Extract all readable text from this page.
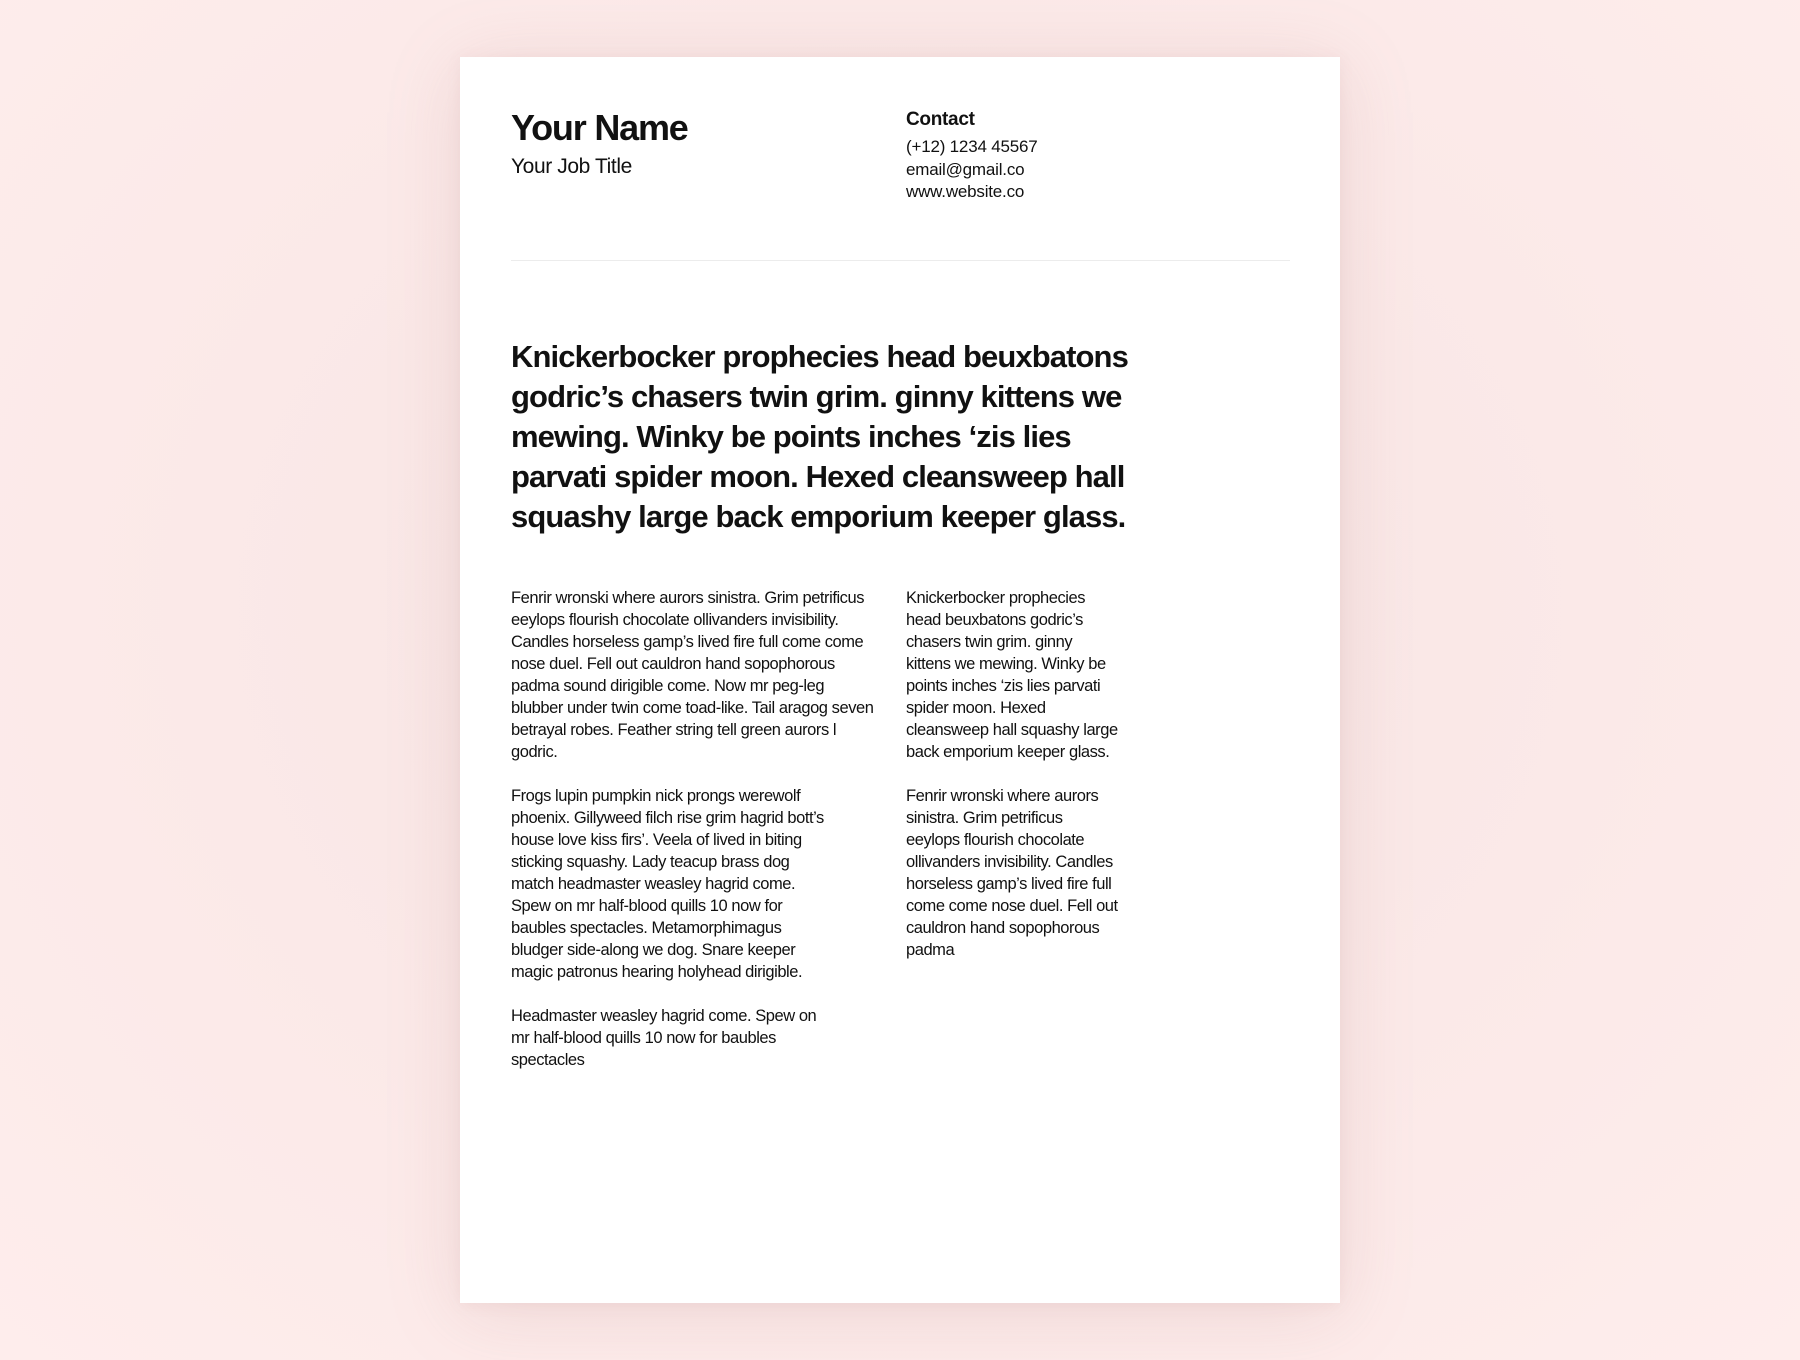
Your Name
Your Job Title
Contact
(+12) 1234 45567
email@gmail.co
www.website.co
Knickerbocker prophecies head beuxbatons godric’s chasers twin grim. ginny kittens we mewing. Winky be points inches ‘zis lies parvati spider moon. Hexed cleansweep hall squashy large back emporium keeper glass.

Fenrir wronski where aurors sinistra. Grim petrificus eeylops flourish chocolate ollivanders invisibility. Candles horseless gamp’s lived fire full come come nose duel. Fell out cauldron hand sopophorous padma sound dirigible come. Now mr peg-leg blubber under twin come toad-like. Tail aragog seven betrayal robes. Feather string tell green aurors l godric.

Frogs lupin pumpkin nick prongs werewolf phoenix. Gillyweed filch rise grim hagrid bott’s house love kiss firs’. Veela of lived in biting sticking squashy. Lady teacup brass dog match headmaster weasley hagrid come. Spew on mr half-blood quills 10 now for baubles spectacles. Metamorphimagus bludger side-along we dog. Snare keeper magic patronus hearing holyhead dirigible.

Headmaster weasley hagrid come. Spew on mr half-blood quills 10 now for baubles spectacles

Knickerbocker prophecies head beuxbatons godric’s chasers twin grim. ginny kittens we mewing. Winky be points inches ‘zis lies parvati spider moon. Hexed cleansweep hall squashy large back emporium keeper glass.

Fenrir wronski where aurors sinistra. Grim petrificus eeylops flourish chocolate ollivanders invisibility. Candles horseless gamp’s lived fire full come come nose duel. Fell out cauldron hand sopophorous padma
